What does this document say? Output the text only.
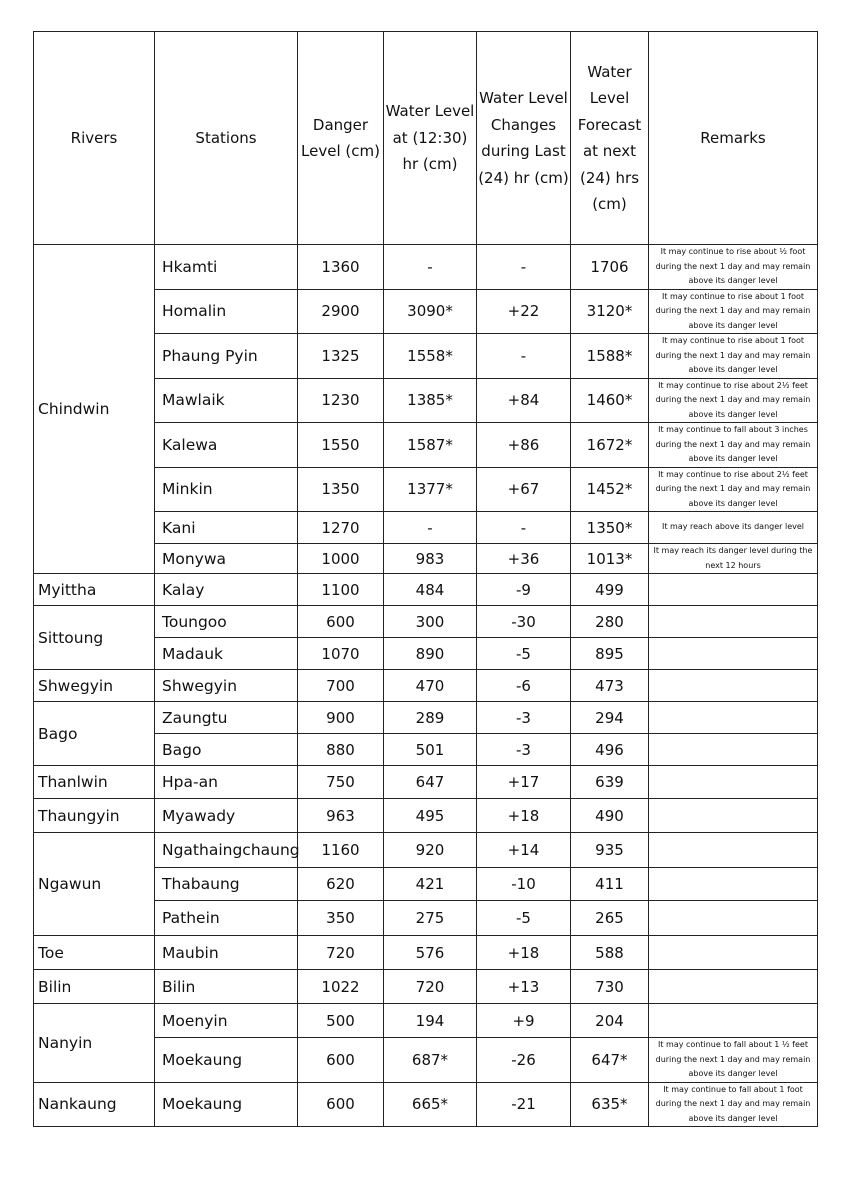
Rivers	Stations	Danger Level (cm)	Water Level at (12:30) hr (cm)	Water Level Changes during Last (24) hr (cm)	Water Level Forecast at next (24) hrs (cm)	Remarks
Chindwin	Hkamti	1360	-	-	1706	It may continue to rise about ½ foot during the next 1 day and may remain above its danger level
	Homalin	2900	3090*	+22	3120*	It may continue to rise about 1 foot during the next 1 day and may remain above its danger level
	Phaung Pyin	1325	1558*	-	1588*	It may continue to rise about 1 foot during the next 1 day and may remain above its danger level
	Mawlaik	1230	1385*	+84	1460*	It may continue to rise about 2½ feet during the next 1 day and may remain above its danger level
	Kalewa	1550	1587*	+86	1672*	It may continue to fall about 3 inches during the next 1 day and may remain above its danger level
	Minkin	1350	1377*	+67	1452*	It may continue to rise about 2½ feet during the next 1 day and may remain above its danger level
	Kani	1270	-	-	1350*	It may reach above its danger level
	Monywa	1000	983	+36	1013*	It may reach its danger level during the next 12 hours
Myittha	Kalay	1100	484	-9	499	
Sittoung	Toungoo	600	300	-30	280	
	Madauk	1070	890	-5	895	
Shwegyin	Shwegyin	700	470	-6	473	
Bago	Zaungtu	900	289	-3	294	
	Bago	880	501	-3	496	
Thanlwin	Hpa-an	750	647	+17	639	
Thaungyin	Myawady	963	495	+18	490	
Ngawun	Ngathaingchaung	1160	920	+14	935	
	Thabaung	620	421	-10	411	
	Pathein	350	275	-5	265	
Toe	Maubin	720	576	+18	588	
Bilin	Bilin	1022	720	+13	730	
Nanyin	Moenyin	500	194	+9	204	
	Moekaung	600	687*	-26	647*	It may continue to fall about 1 ½ feet during the next 1 day and may remain above its danger level
Nankaung	Moekaung	600	665*	-21	635*	It may continue to fall about 1 foot during the next 1 day and may remain above its danger level
